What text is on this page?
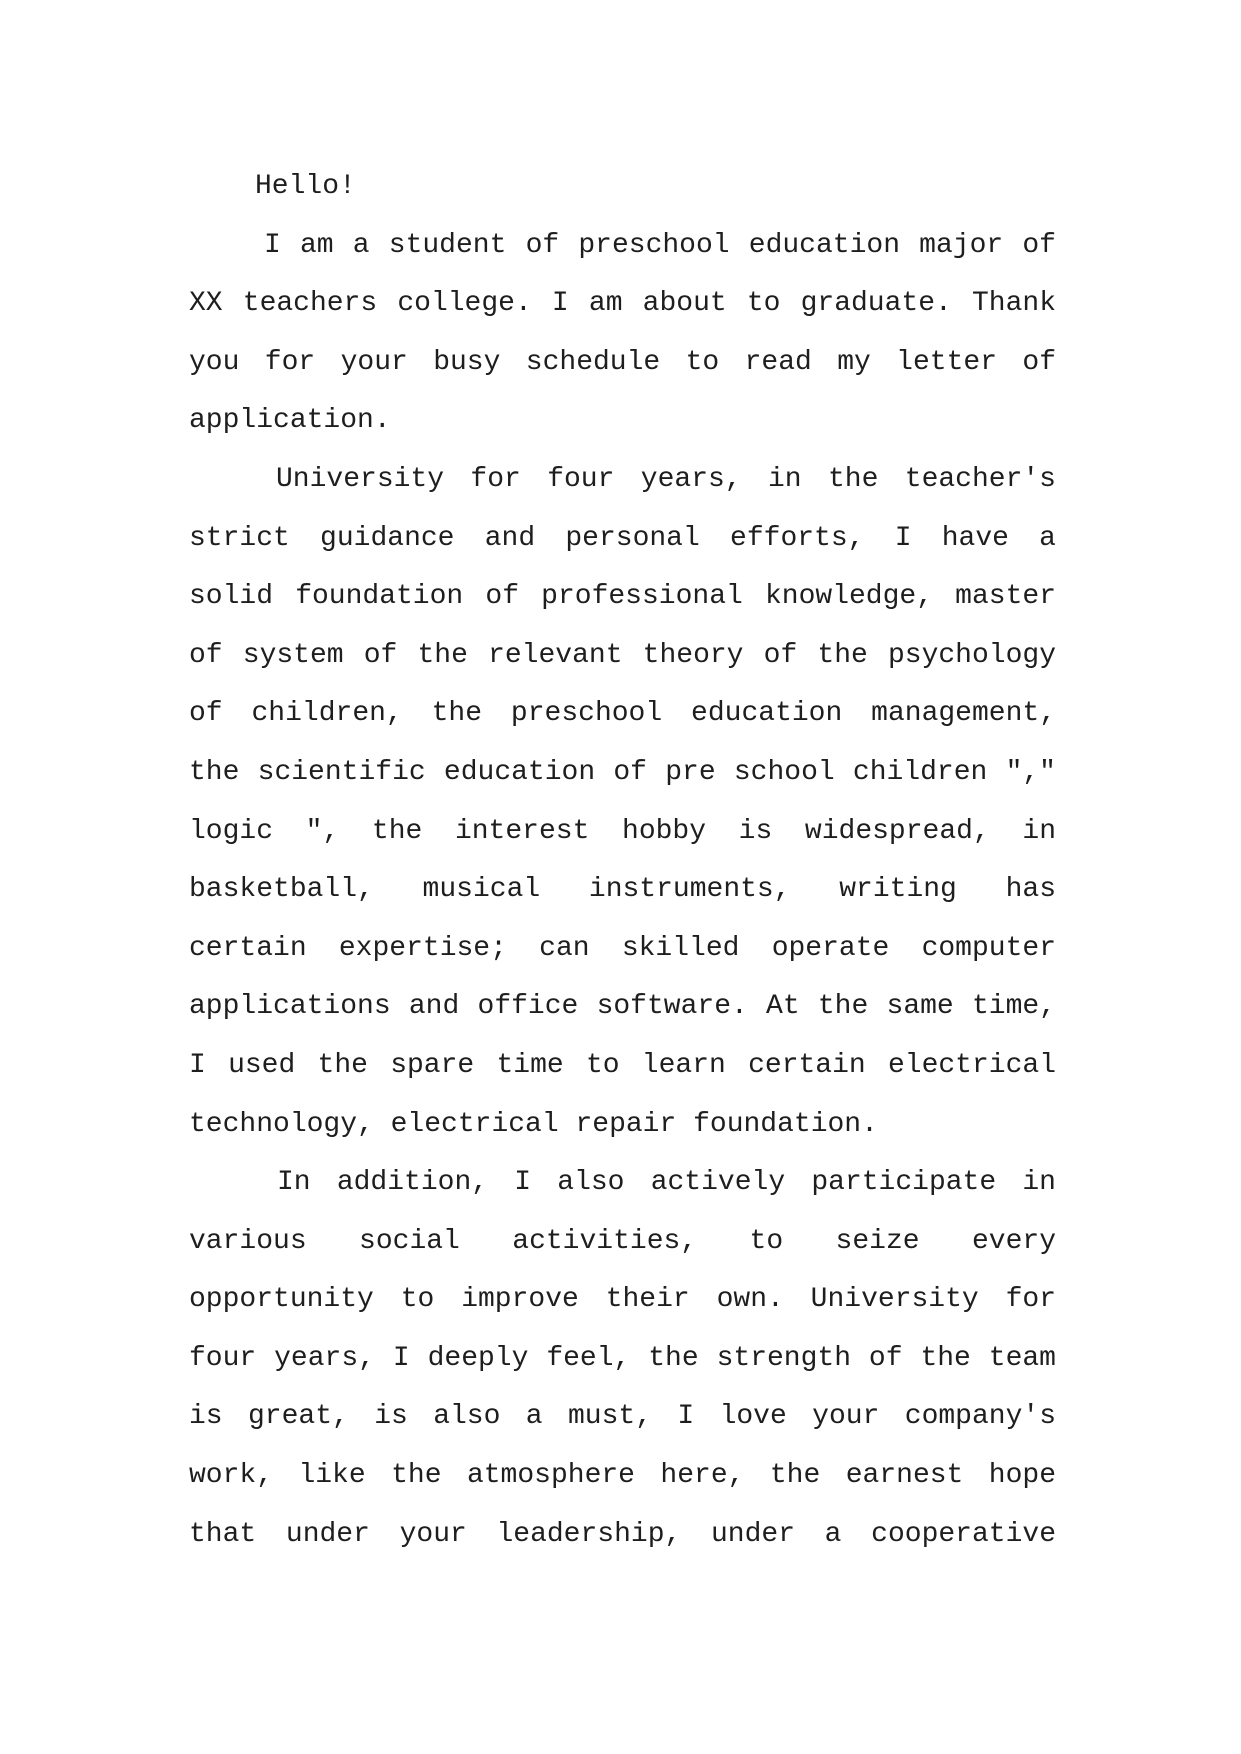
Hello!
I am a student of preschool education major of
XX teachers college. I am about to graduate. Thank
you for your busy schedule to read my letter of
application.
University for four years, in the teacher's
strict guidance and personal efforts, I have a
solid foundation of professional knowledge, master
of system of the relevant theory of the psychology
of children, the preschool education management,
the scientific education of pre school children ","
logic ", the interest hobby is widespread, in
basketball, musical instruments, writing has
certain expertise; can skilled operate computer
applications and office software. At the same time,
I used the spare time to learn certain electrical
technology, electrical repair foundation.
In addition, I also actively participate in
various social activities, to seize every
opportunity to improve their own. University for
four years, I deeply feel, the strength of the team
is great, is also a must, I love your company's
work, like the atmosphere here, the earnest hope
that under your leadership, under a cooperative
